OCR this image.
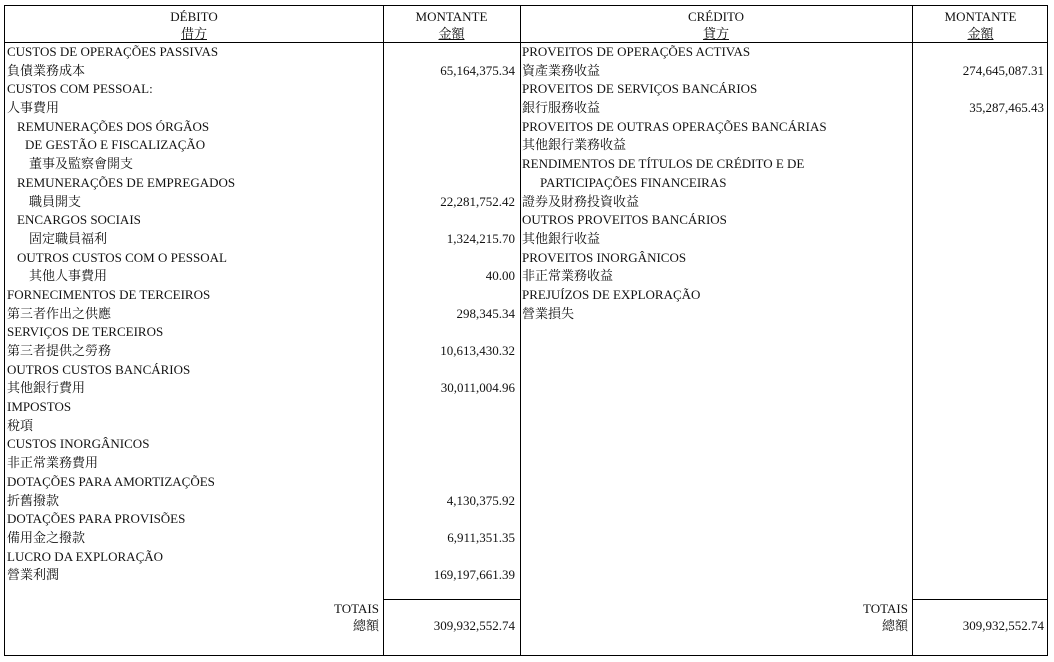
DÉBITO
借方
MONTANTE
金額
CRÉDITO
貸方
MONTANTE
金額
CUSTOS DE OPERAÇÕES PASSIVAS
負債業務成本
CUSTOS COM PESSOAL:
人事費用
REMUNERAÇÕES DOS ÓRGÃOS
DE GESTÃO E FISCALIZAÇÃO
董事及監察會開支
REMUNERAÇÕES DE EMPREGADOS
職員開支
ENCARGOS SOCIAIS
固定職員福利
OUTROS CUSTOS COM O PESSOAL
其他人事費用
FORNECIMENTOS DE TERCEIROS
第三者作出之供應
SERVIÇOS DE TERCEIROS
第三者提供之勞務
OUTROS CUSTOS BANCÁRIOS
其他銀行費用
IMPOSTOS
稅項
CUSTOS INORGÂNICOS
非正常業務費用
DOTAÇÕES PARA AMORTIZAÇÕES
折舊撥款
DOTAÇÕES PARA PROVISÕES
備用金之撥款
LUCRO DA EXPLORAÇÃO
營業利潤
65,164,375.34
22,281,752.42
1,324,215.70
40.00
298,345.34
10,613,430.32
30,011,004.96
4,130,375.92
6,911,351.35
169,197,661.39
PROVEITOS DE OPERAÇÕES ACTIVAS
資產業務收益
PROVEITOS DE SERVIÇOS BANCÁRIOS
銀行服務收益
PROVEITOS DE OUTRAS OPERAÇÕES BANCÁRIAS
其他銀行業務收益
RENDIMENTOS DE TÍTULOS DE CRÉDITO E DE
PARTICIPAÇÕES FINANCEIRAS
證券及財務投資收益
OUTROS PROVEITOS BANCÁRIOS
其他銀行收益
PROVEITOS INORGÂNICOS
非正常業務收益
PREJUÍZOS DE EXPLORAÇÃO
營業損失
274,645,087.31
35,287,465.43
TOTAIS
總額	309,932,552.74
TOTAIS
總額	309,932,552.74
